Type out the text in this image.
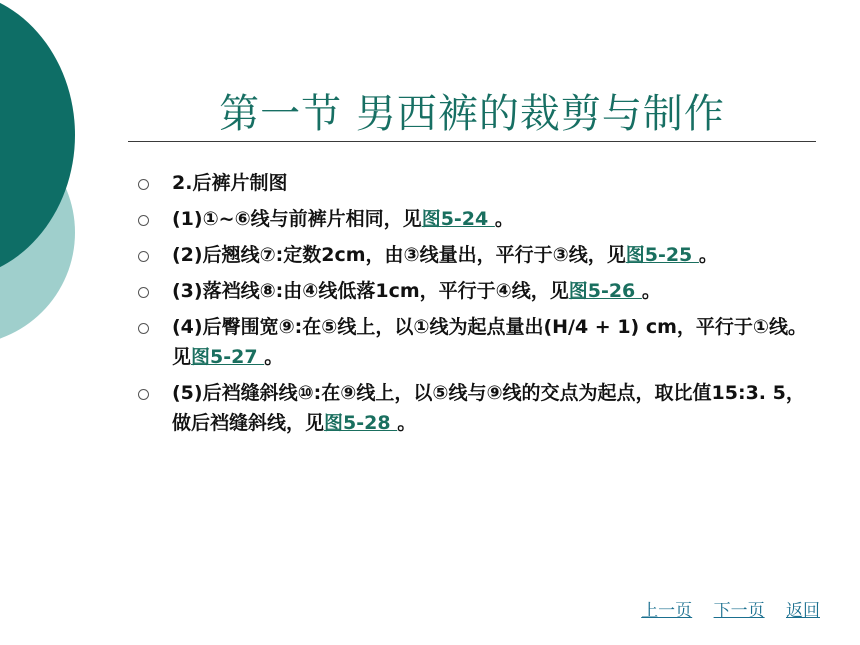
第一节 男西裤的裁剪与制作
2.后裤片制图
(1)①~⑥线与前裤片相同，见图5-24 。
(2)后翘线⑦:定数2cm，由③线量出，平行于③线，见图5-25 。
(3)落裆线⑧:由④线低落1cm，平行于④线，见图5-26 。
(4)后臀围宽⑨:在⑤线上，以①线为起点量出(H/4 + 1) cm，平行于①线。见图5-27 。
(5)后裆缝斜线⑩:在⑨线上，以⑤线与⑨线的交点为起点，取比值15:3. 5，做后裆缝斜线，见图5-28 。
上一页 下一页 返回
